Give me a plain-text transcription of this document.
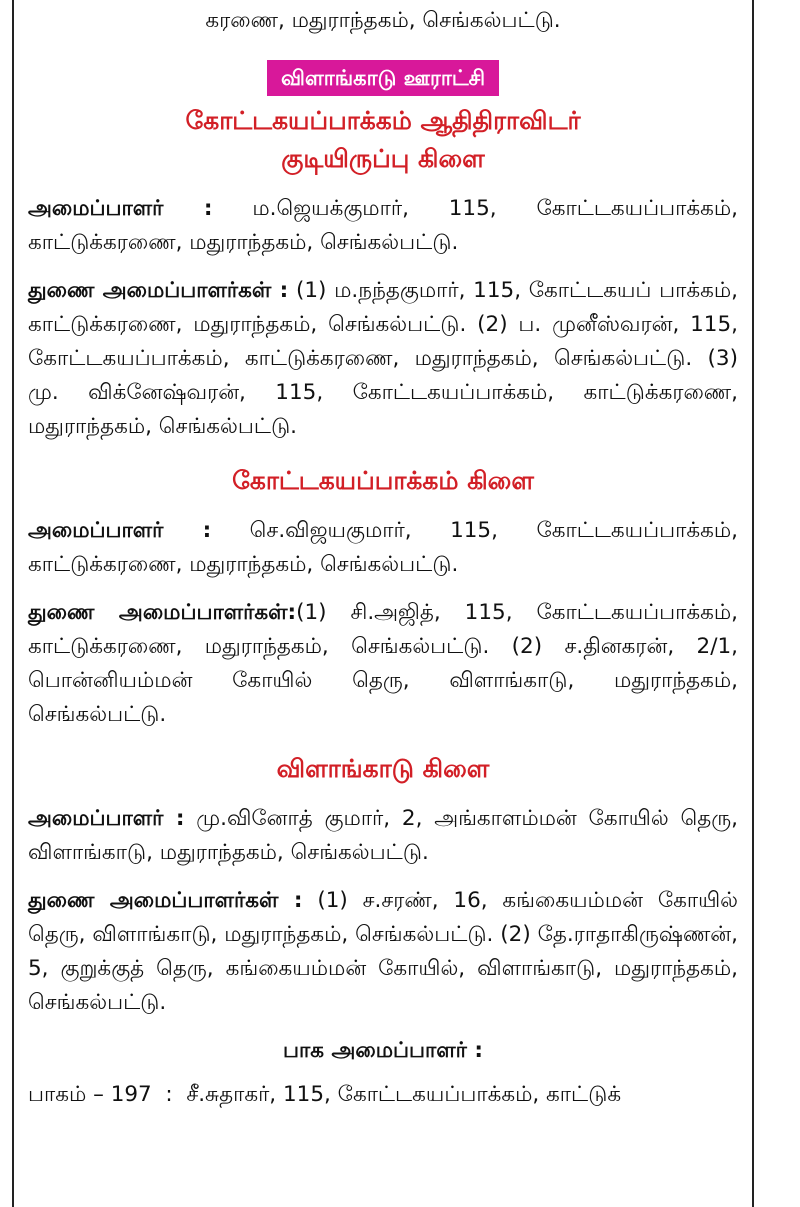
கரணை, மதுராந்தகம், செங்கல்பட்டு.
விளாங்காடு ஊராட்சி
கோட்டகயப்பாக்கம் ஆதிதிராவிடர்
குடியிருப்பு கிளை

அமைப்பாளர் : ம.ஜெயக்குமார், 115, கோட்டகயப்பாக்கம், காட்டுக்கரணை, மதுராந்தகம், செங்கல்பட்டு.

துணை அமைப்பாளர்கள் : (1) ம.நந்தகுமார், 115, கோட்டகயப் பாக்கம், காட்டுக்கரணை, மதுராந்தகம், செங்கல்பட்டு. (2) ப. முனீஸ்வரன், 115, கோட்டகயப்பாக்கம், காட்டுக்கரணை, மதுராந்தகம், செங்கல்பட்டு. (3) மு. விக்னேஷ்வரன், 115, கோட்டகயப்பாக்கம், காட்டுக்கரணை, மதுராந்தகம், செங்கல்பட்டு.

கோட்டகயப்பாக்கம் கிளை

அமைப்பாளர் : செ.விஜயகுமார், 115, கோட்டகயப்பாக்கம், காட்டுக்கரணை, மதுராந்தகம், செங்கல்பட்டு.

துணை அமைப்பாளர்கள்:(1) சி.அஜித், 115, கோட்டகயப்பாக்கம், காட்டுக்கரணை, மதுராந்தகம், செங்கல்பட்டு. (2) ச.தினகரன், 2/1, பொன்னியம்மன் கோயில் தெரு, விளாங்காடு, மதுராந்தகம், செங்கல்பட்டு.

விளாங்காடு கிளை

அமைப்பாளர் : மு.வினோத் குமார், 2, அங்காளம்மன் கோயில் தெரு, விளாங்காடு, மதுராந்தகம், செங்கல்பட்டு.

துணை அமைப்பாளர்கள் : (1) ச.சரண், 16, கங்கையம்மன் கோயில் தெரு, விளாங்காடு, மதுராந்தகம், செங்கல்பட்டு. (2) தே.ராதாகிருஷ்ணன், 5, குறுக்குத் தெரு, கங்கையம்மன் கோயில், விளாங்காடு, மதுராந்தகம், செங்கல்பட்டு.

பாக அமைப்பாளர் :

பாகம் – 197  :  சீ.சுதாகர், 115, கோட்டகயப்பாக்கம், காட்டுக்
